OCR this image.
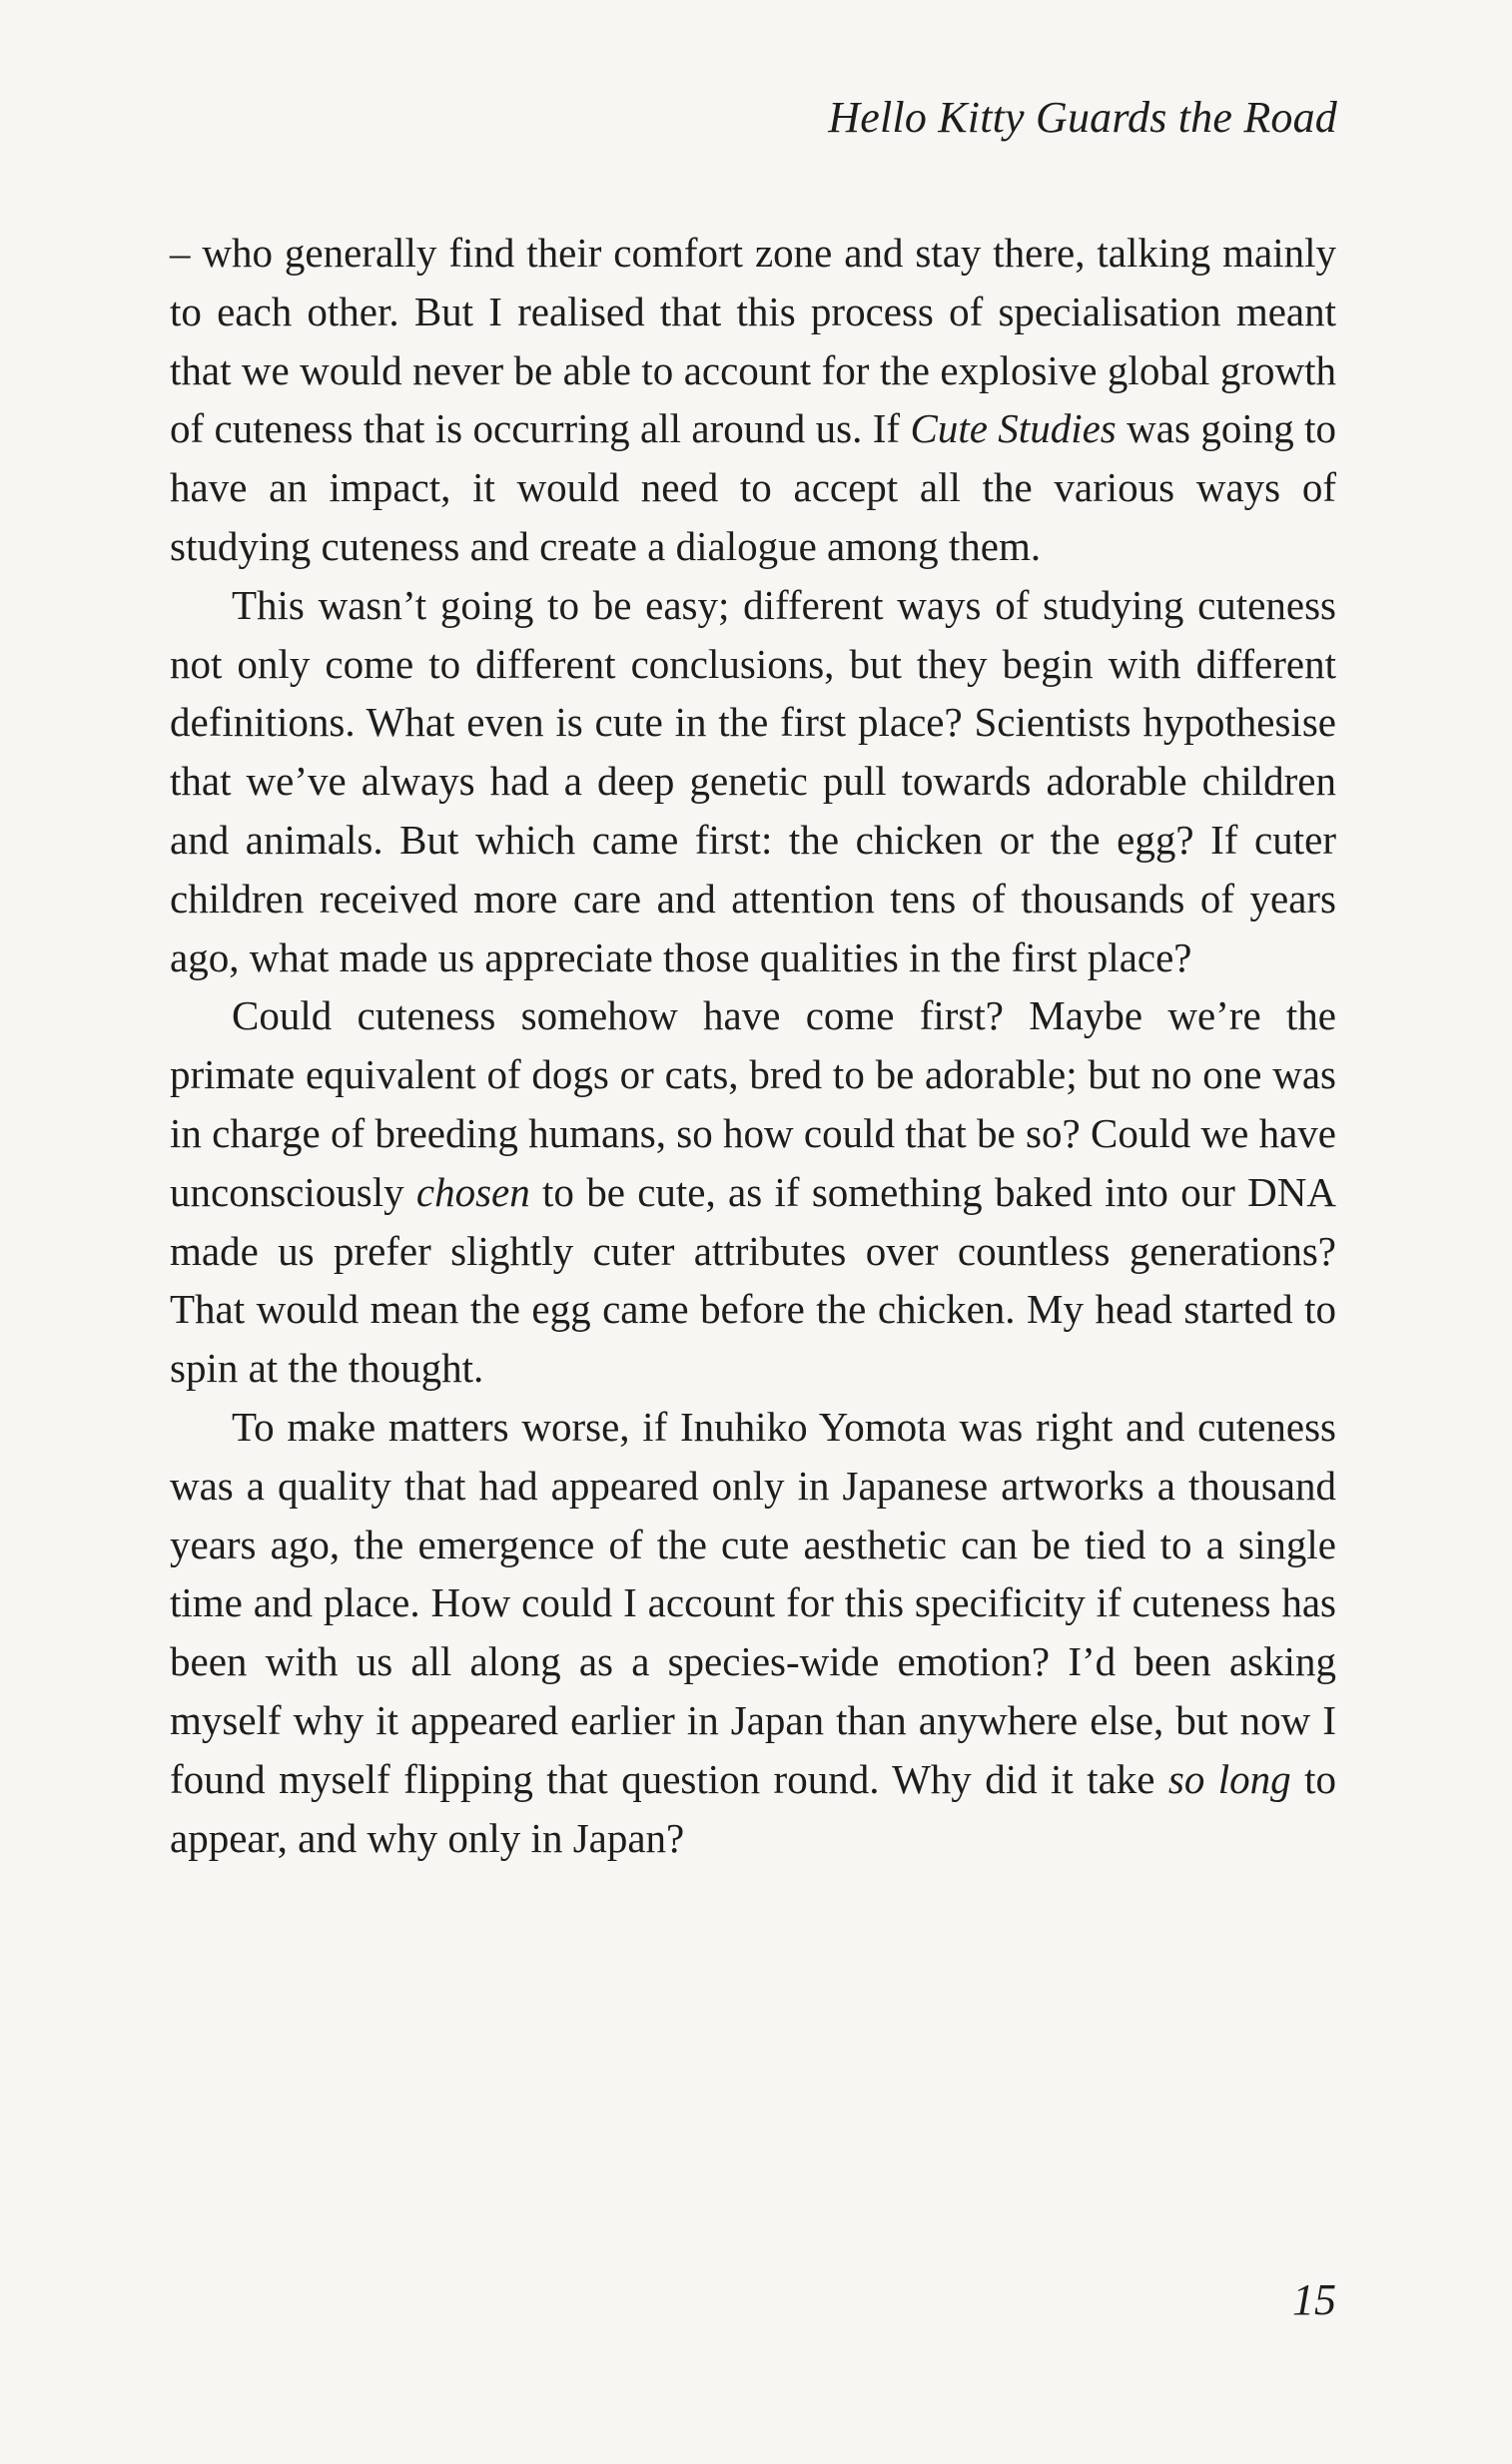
Hello Kitty Guards the Road

– who generally find their comfort zone and stay there, talking mainly to each other. But I realised that this process of specialisation meant that we would never be able to account for the explosive global growth of cuteness that is occurring all around us. If Cute Studies was going to have an impact, it would need to accept all the various ways of studying cuteness and create a dialogue among them.

This wasn’t going to be easy; different ways of studying cuteness not only come to different conclusions, but they begin with different definitions. What even is cute in the first place? Scientists hypothesise that we’ve always had a deep genetic pull towards adorable children and animals. But which came first: the chicken or the egg? If cuter children received more care and attention tens of thousands of years ago, what made us appreciate those qualities in the first place?

Could cuteness somehow have come first? Maybe we’re the primate equivalent of dogs or cats, bred to be adorable; but no one was in charge of breeding humans, so how could that be so? Could we have unconsciously chosen to be cute, as if something baked into our DNA made us prefer slightly cuter attributes over countless generations? That would mean the egg came before the chicken. My head started to spin at the thought.

To make matters worse, if Inuhiko Yomota was right and cuteness was a quality that had appeared only in Japanese artworks a thousand years ago, the emergence of the cute aesthetic can be tied to a single time and place. How could I account for this specificity if cuteness has been with us all along as a species-wide emotion? I’d been asking myself why it appeared earlier in Japan than anywhere else, but now I found myself flipping that question round. Why did it take so long to appear, and why only in Japan?

15
